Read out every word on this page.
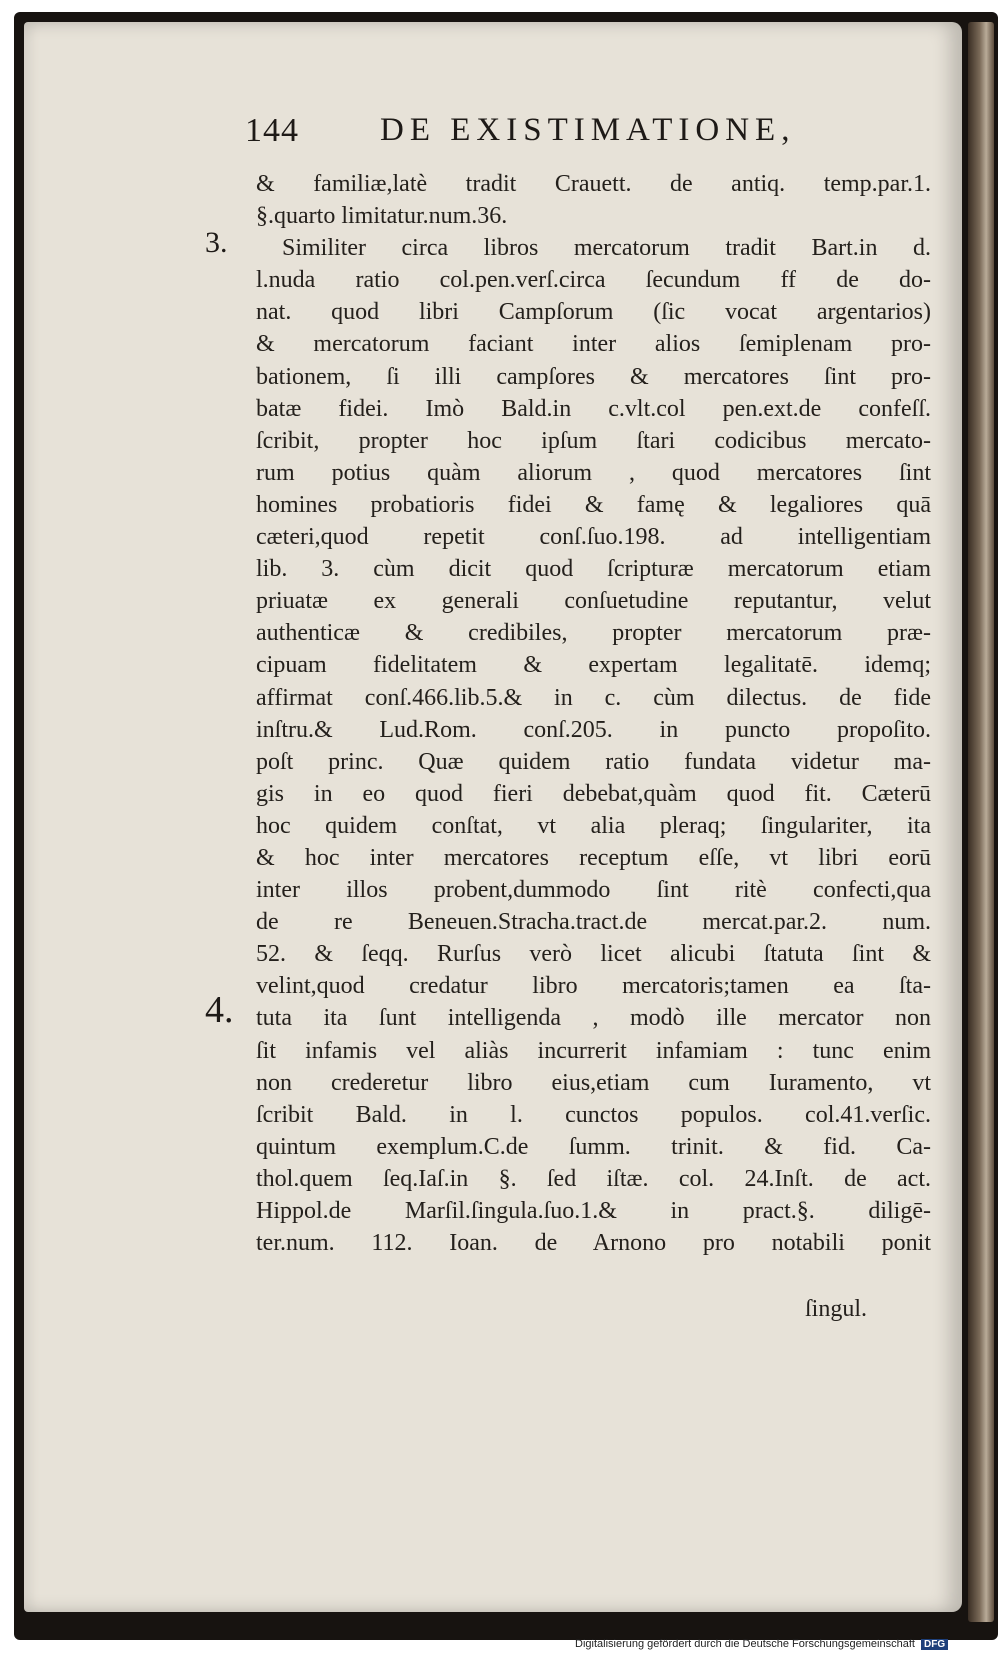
144 DE EXISTIMATIONE,
3.
4.
& familiæ,latè tradit Crauett. de antiq. temp.par.1.
§.quarto limitatur.num.36.
Similiter circa libros mercatorum tradit Bart.in d.
l.nuda ratio col.pen.verſ.circa ſecundum ff de do-
nat. quod libri Campſorum (ſic vocat argentarios)
& mercatorum faciant inter alios ſemiplenam pro-
bationem, ſi illi campſores & mercatores ſint pro-
batæ fidei. Imò Bald.in c.vlt.col pen.ext.de confeſſ.
ſcribit, propter hoc ipſum ſtari codicibus mercato-
rum potius quàm aliorum , quod mercatores ſint
homines probatioris fidei & famę & legaliores quā
cæteri,quod repetit conſ.ſuo.198. ad intelligentiam
lib. 3. cùm dicit quod ſcripturæ mercatorum etiam
priuatæ ex generali conſuetudine reputantur, velut
authenticæ & credibiles, propter mercatorum præ-
cipuam fidelitatem & expertam legalitatē. idemq;
affirmat conſ.466.lib.5.& in c. cùm dilectus. de fide
inſtru.& Lud.Rom. conſ.205. in puncto propoſito.
poſt princ. Quæ quidem ratio fundata videtur ma-
gis in eo quod fieri debebat,quàm quod fit. Cæterū
hoc quidem conſtat, vt alia pleraq; ſingulariter, ita
& hoc inter mercatores receptum eſſe, vt libri eorū
inter illos probent,dummodo ſint ritè confecti,qua
de re Beneuen.Stracha.tract.de mercat.par.2. num.
52. & ſeqq. Rurſus verò licet alicubi ſtatuta ſint &
velint,quod credatur libro mercatoris;tamen ea ſta-
tuta ita ſunt intelligenda , modò ille mercator non
ſit infamis vel aliàs incurrerit infamiam : tunc enim
non crederetur libro eius,etiam cum Iuramento, vt
ſcribit Bald. in l. cunctos populos. col.41.verſic.
quintum exemplum.C.de ſumm. trinit. & fid. Ca-
thol.quem ſeq.Iaſ.in §. ſed iſtæ. col. 24.Inſt. de act.
Hippol.de Marſil.ſingula.ſuo.1.& in pract.§. diligē-
ter.num. 112. Ioan. de Arnono pro notabili ponit
ſingul.
Digitalisierung gefördert durch die Deutsche Forschungsgemeinschaft DFG
